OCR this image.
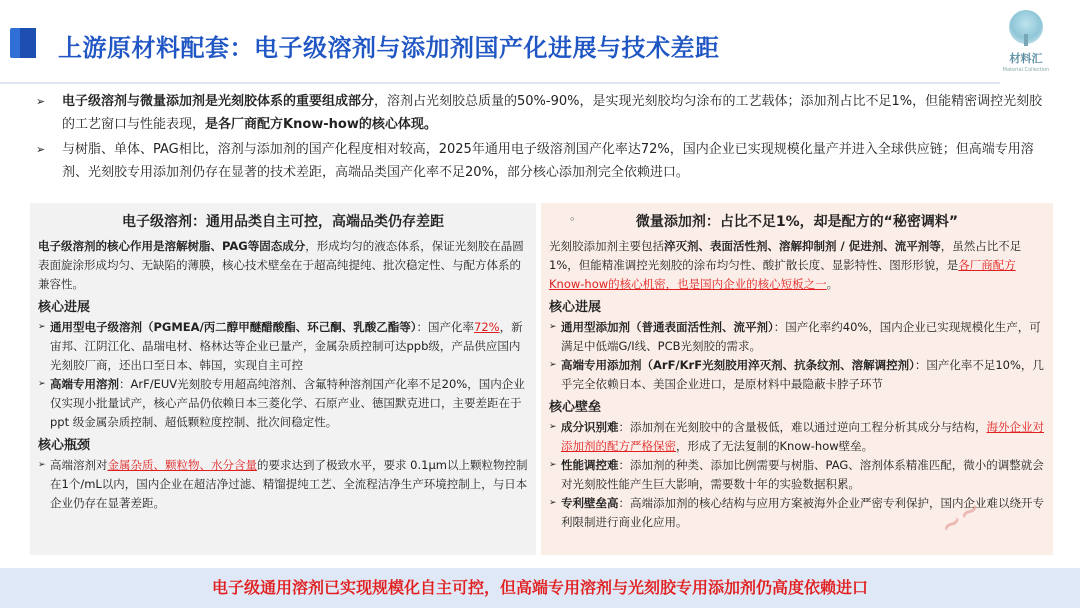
上游原材料配套：电子级溶剂与添加剂国产化进展与技术差距	材料汇
Material Collection
➢ 电子级溶剂与微量添加剂是光刻胶体系的重要组成部分，溶剂占光刻胶总质量的50%-90%，是实现光刻胶均匀涂布的工艺载体；添加剂占比不足1%，但能精密调控光刻胶的工艺窗口与性能表现，是各厂商配方Know-how的核心体现。
➢ 与树脂、单体、PAG相比，溶剂与添加剂的国产化程度相对较高，2025年通用电子级溶剂国产化率达72%，国内企业已实现规模化量产并进入全球供应链；但高端专用溶剂、光刻胶专用添加剂仍存在显著的技术差距，高端品类国产化率不足20%，部分核心添加剂完全依赖进口。
电子级溶剂：通用品类自主可控，高端品类仍存差距
电子级溶剂的核心作用是溶解树脂、PAG等固态成分，形成均匀的液态体系，保证光刻胶在晶圆表面旋涂形成均匀、无缺陷的薄膜，核心技术壁垒在于超高纯提纯、批次稳定性、与配方体系的兼容性。
核心进展
➢ 通用型电子级溶剂（PGMEA/丙二醇甲醚醋酸酯、环己酮、乳酸乙酯等）：国产化率72%，新宙邦、江阴江化、晶瑞电材、格林达等企业已量产，金属杂质控制可达ppb级，产品供应国内光刻胶厂商，还出口至日本、韩国，实现自主可控
➢ 高端专用溶剂：ArF/EUV光刻胶专用超高纯溶剂、含氟特种溶剂国产化率不足20%，国内企业仅实现小批量试产，核心产品仍依赖日本三菱化学、石原产业、德国默克进口，主要差距在于ppt 级金属杂质控制、超低颗粒度控制、批次间稳定性。
核心瓶颈
➢ 高端溶剂对金属杂质、颗粒物、水分含量的要求达到了极致水平，要求 0.1μm以上颗粒物控制在1个/mL以内，国内企业在超洁净过滤、精馏提纯工艺、全流程洁净生产环境控制上，与日本企业仍存在显著差距。
◦	微量添加剂：占比不足1%，却是配方的“秘密调料”
光刻胶添加剂主要包括淬灭剂、表面活性剂、溶解抑制剂 / 促进剂、流平剂等，虽然占比不足1%，但能精准调控光刻胶的涂布均匀性、酸扩散长度、显影特性、图形形貌，是各厂商配方Know-how的核心机密，也是国内企业的核心短板之一。
核心进展
➢ 通用型添加剂（普通表面活性剂、流平剂）：国产化率约40%，国内企业已实现规模化生产，可满足中低端G/I线、PCB光刻胶的需求。
➢ 高端专用添加剂（ArF/KrF光刻胶用淬灭剂、抗条纹剂、溶解调控剂）：国产化率不足10%，几乎完全依赖日本、美国企业进口，是原材料中最隐蔽卡脖子环节
核心壁垒
➢ 成分识别难：添加剂在光刻胶中的含量极低，难以通过逆向工程分析其成分与结构，海外企业对添加剂的配方严格保密，形成了无法复制的Know-how壁垒。
➢ 性能调控难：添加剂的种类、添加比例需要与树脂、PAG、溶剂体系精准匹配，微小的调整就会对光刻胶性能产生巨大影响，需要数十年的实验数据积累。
➢ 专利壁垒高：高端添加剂的核心结构与应用方案被海外企业严密专利保护，国内企业难以绕开专利限制进行商业化应用。	~~
电子级通用溶剂已实现规模化自主可控，但高端专用溶剂与光刻胶专用添加剂仍高度依赖进口
